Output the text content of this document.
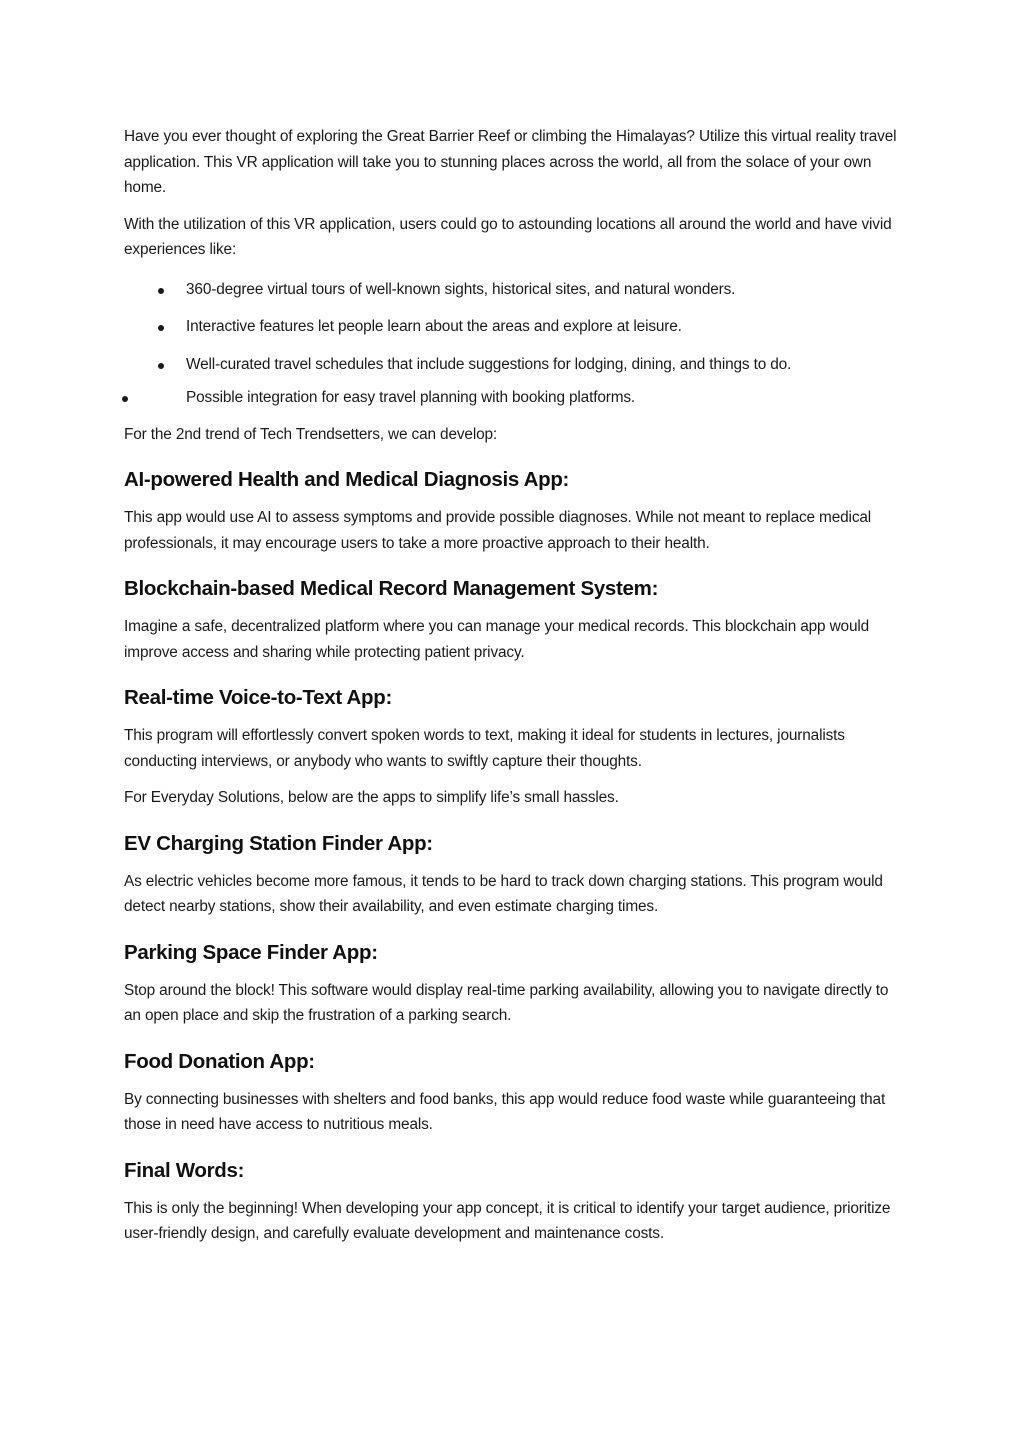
Have you ever thought of exploring the Great Barrier Reef or climbing the Himalayas? Utilize this virtual reality travel application. This VR application will take you to stunning places across the world, all from the solace of your own home.

With the utilization of this VR application, users could go to astounding locations all around the world and have vivid experiences like:

360-degree virtual tours of well-known sights, historical sites, and natural wonders.
Interactive features let people learn about the areas and explore at leisure.
Well-curated travel schedules that include suggestions for lodging, dining, and things to do.
Possible integration for easy travel planning with booking platforms.

For the 2nd trend of Tech Trendsetters, we can develop:

AI-powered Health and Medical Diagnosis App:

This app would use AI to assess symptoms and provide possible diagnoses. While not meant to replace medical professionals, it may encourage users to take a more proactive approach to their health.

Blockchain-based Medical Record Management System:

Imagine a safe, decentralized platform where you can manage your medical records. This blockchain app would improve access and sharing while protecting patient privacy.

Real-time Voice-to-Text App:

This program will effortlessly convert spoken words to text, making it ideal for students in lectures, journalists conducting interviews, or anybody who wants to swiftly capture their thoughts.

For Everyday Solutions, below are the apps to simplify life’s small hassles.

EV Charging Station Finder App:

As electric vehicles become more famous, it tends to be hard to track down charging stations. This program would detect nearby stations, show their availability, and even estimate charging times.

Parking Space Finder App:

Stop around the block! This software would display real-time parking availability, allowing you to navigate directly to an open place and skip the frustration of a parking search.

Food Donation App:

By connecting businesses with shelters and food banks, this app would reduce food waste while guaranteeing that those in need have access to nutritious meals.

Final Words:

This is only the beginning! When developing your app concept, it is critical to identify your target audience, prioritize user-friendly design, and carefully evaluate development and maintenance costs.
